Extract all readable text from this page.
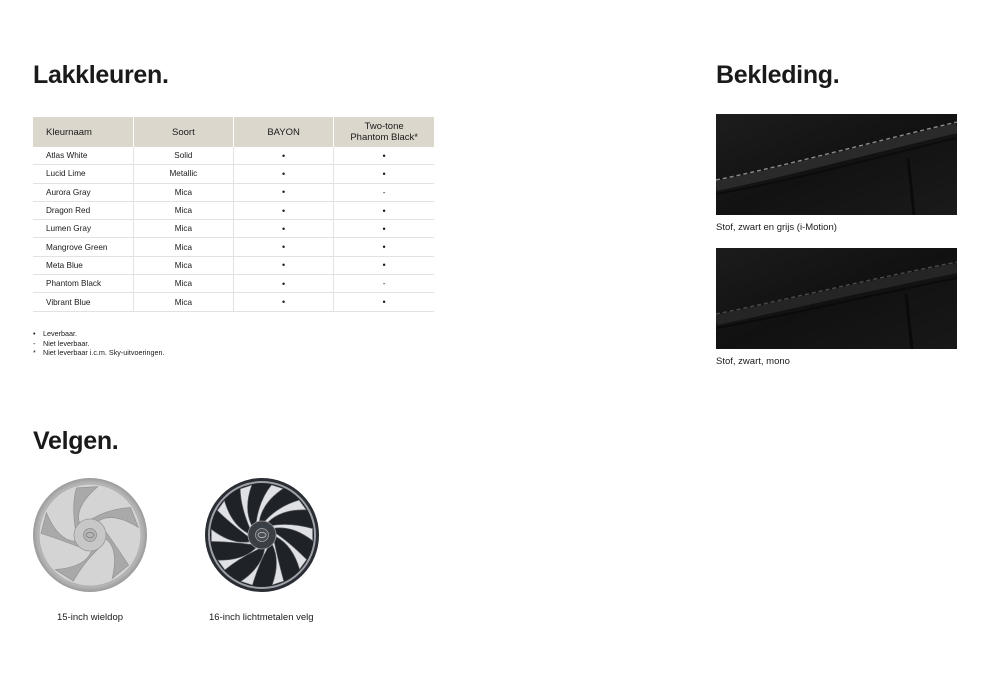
Lakkleuren.	Bekleding.
Velgen.
Kleurnaam	Soort	BAYON	Two-tone
Phantom Black*
Atlas White	Solid	•	•
Lucid Lime	Metallic	•	•
Aurora Gray	Mica	•	-
Dragon Red	Mica	•	•
Lumen Gray	Mica	•	•
Mangrove Green	Mica	•	•
Meta Blue	Mica	•	•
Phantom Black	Mica	•	-
Vibrant Blue	Mica	•	•
•	Leverbaar.
-	Niet leverbaar.
* Niet leverbaar i.c.m. Sky-uitvoeringen.
Stof, zwart en grijs (i-Motion)
Stof, zwart, mono
15-inch wieldop	16-inch lichtmetalen velg
